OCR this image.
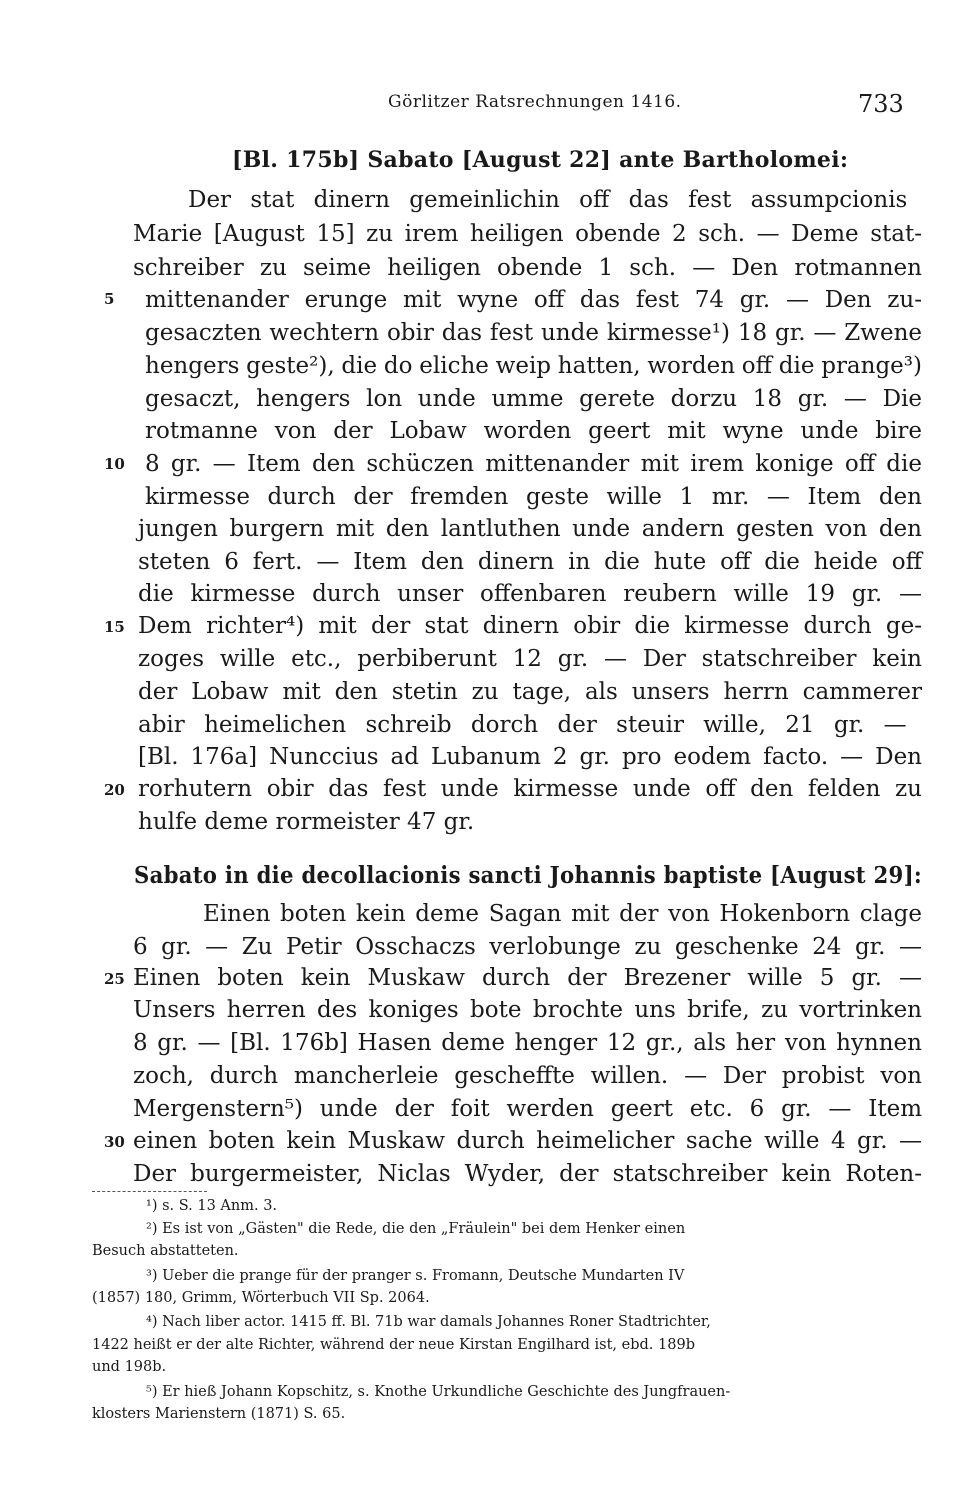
Görlitzer Ratsrechnungen 1416.	733
[Bl. 175b] Sabato [August 22] ante Bartholomei:
Der stat dinern gemeinlichin off das fest assumpcionis
Marie [August 15] zu irem heiligen obende 2 sch. — Deme stat-
schreiber zu seime heiligen obende 1 sch. — Den rotmannen
5	mittenander erunge mit wyne off das fest 74 gr. — Den zu-
gesaczten wechtern obir das fest unde kirmesse¹) 18 gr. — Zwene
hengers geste²), die do eliche weip hatten, worden off die prange³)
gesaczt, hengers lon unde umme gerete dorzu 18 gr. — Die
rotmanne von der Lobaw worden geert mit wyne unde bire
10 8 gr. — Item den schüczen mittenander mit irem konige off die
kirmesse durch der fremden geste wille 1 mr. — Item den
jungen burgern mit den lantluthen unde andern gesten von den
steten 6 fert. — Item den dinern in die hute off die heide off
die kirmesse durch unser offenbaren reubern wille 19 gr. —
15 Dem richter⁴) mit der stat dinern obir die kirmesse durch ge-
zoges wille etc., perbiberunt 12 gr. — Der statschreiber kein
der Lobaw mit den stetin zu tage, als unsers herrn cammerer
abir heimelichen schreib dorch der steuir wille, 21 gr. —
[Bl. 176a] Nunccius ad Lubanum 2 gr. pro eodem facto. — Den
20 rorhutern obir das fest unde kirmesse unde off den felden zu
hulfe deme rormeister 47 gr.
Sabato in die decollacionis sancti Johannis baptiste [August 29]:
Einen boten kein deme Sagan mit der von Hokenborn clage
6 gr. — Zu Petir Osschaczs verlobunge zu geschenke 24 gr. —
25 Einen boten kein Muskaw durch der Brezener wille 5 gr. —
Unsers herren des koniges bote brochte uns brife, zu vortrinken
8 gr. — [Bl. 176b] Hasen deme henger 12 gr., als her von hynnen
zoch, durch mancherleie gescheffte willen. — Der probist von
Mergenstern⁵) unde der foit werden geert etc. 6 gr. — Item
30 einen boten kein Muskaw durch heimelicher sache wille 4 gr. —
Der burgermeister, Niclas Wyder, der statschreiber kein Roten-
¹) s. S. 13 Anm. 3.
²) Es ist von „Gästen" die Rede, die den „Fräulein" bei dem Henker einen
Besuch abstatteten.
³) Ueber die prange für der pranger s. Fromann, Deutsche Mundarten IV
(1857) 180, Grimm, Wörterbuch VII Sp. 2064.
⁴) Nach liber actor. 1415 ff. Bl. 71b war damals Johannes Roner Stadtrichter,
1422 heißt er der alte Richter, während der neue Kirstan Engilhard ist, ebd. 189b
und 198b.
⁵) Er hieß Johann Kopschitz, s. Knothe Urkundliche Geschichte des Jungfrauen-
klosters Marienstern (1871) S. 65.
